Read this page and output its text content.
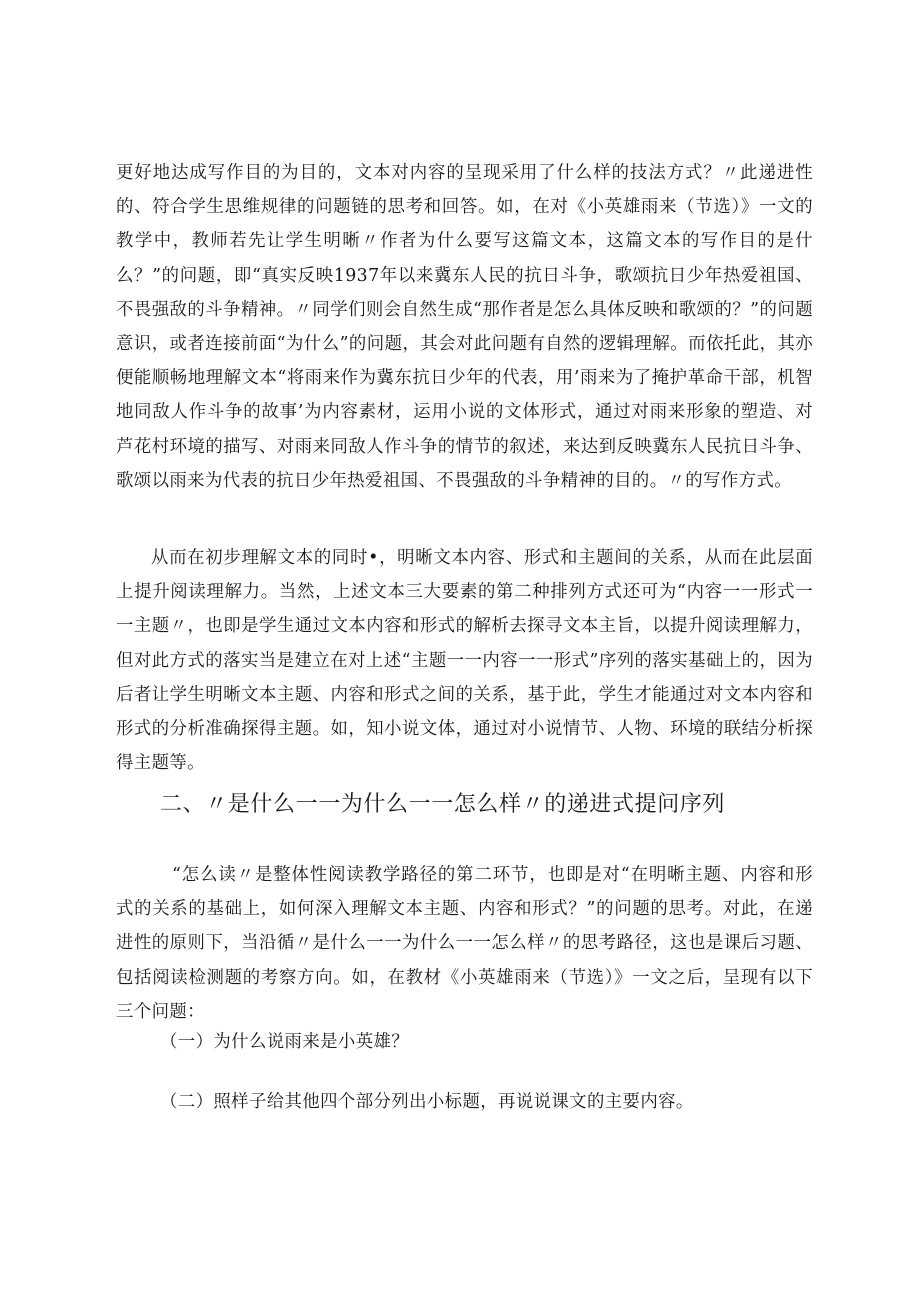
更好地达成写作目的为目的，文本对内容的呈现采用了什么样的技法方式？〃此递进性的、符合学生思维规律的问题链的思考和回答。如，在对《小英雄雨来（节选）》一文的教学中，教师若先让学生明晰〃作者为什么要写这篇文本，这篇文本的写作目的是什么？”的问题，即“真实反映1937年以来冀东人民的抗日斗争，歌颂抗日少年热爱祖国、不畏强敌的斗争精神。〃同学们则会自然生成“那作者是怎么具体反映和歌颂的？”的问题意识，或者连接前面“为什么”的问题，其会对此问题有自然的逻辑理解。而依托此，其亦便能顺畅地理解文本“将雨来作为冀东抗日少年的代表，用’雨来为了掩护革命干部，机智地同敌人作斗争的故事’为内容素材，运用小说的文体形式，通过对雨来形象的塑造、对芦花村环境的描写、对雨来同敌人作斗争的情节的叙述，来达到反映冀东人民抗日斗争、歌颂以雨来为代表的抗日少年热爱祖国、不畏强敌的斗争精神的目的。〃的写作方式。

从而在初步理解文本的同时•，明晰文本内容、形式和主题间的关系，从而在此层面上提升阅读理解力。当然，上述文本三大要素的第二种排列方式还可为“内容一一形式一一主题〃，也即是学生通过文本内容和形式的解析去探寻文本主旨，以提升阅读理解力，但对此方式的落实当是建立在对上述“主题一一内容一一形式”序列的落实基础上的，因为后者让学生明晰文本主题、内容和形式之间的关系，基于此，学生才能通过对文本内容和形式的分析准确探得主题。如，知小说文体，通过对小说情节、人物、环境的联结分析探得主题等。

二、〃是什么一一为什么一一怎么样〃的递进式提问序列

“怎么读〃是整体性阅读教学路径的第二环节，也即是对“在明晰主题、内容和形式的关系的基础上，如何深入理解文本主题、内容和形式？”的问题的思考。对此，在递进性的原则下，当沿循〃是什么一一为什么一一怎么样〃的思考路径，这也是课后习题、包括阅读检测题的考察方向。如，在教材《小英雄雨来（节选）》一文之后，呈现有以下三个问题：

（一）为什么说雨来是小英雄？

（二）照样子给其他四个部分列出小标题，再说说课文的主要内容。
